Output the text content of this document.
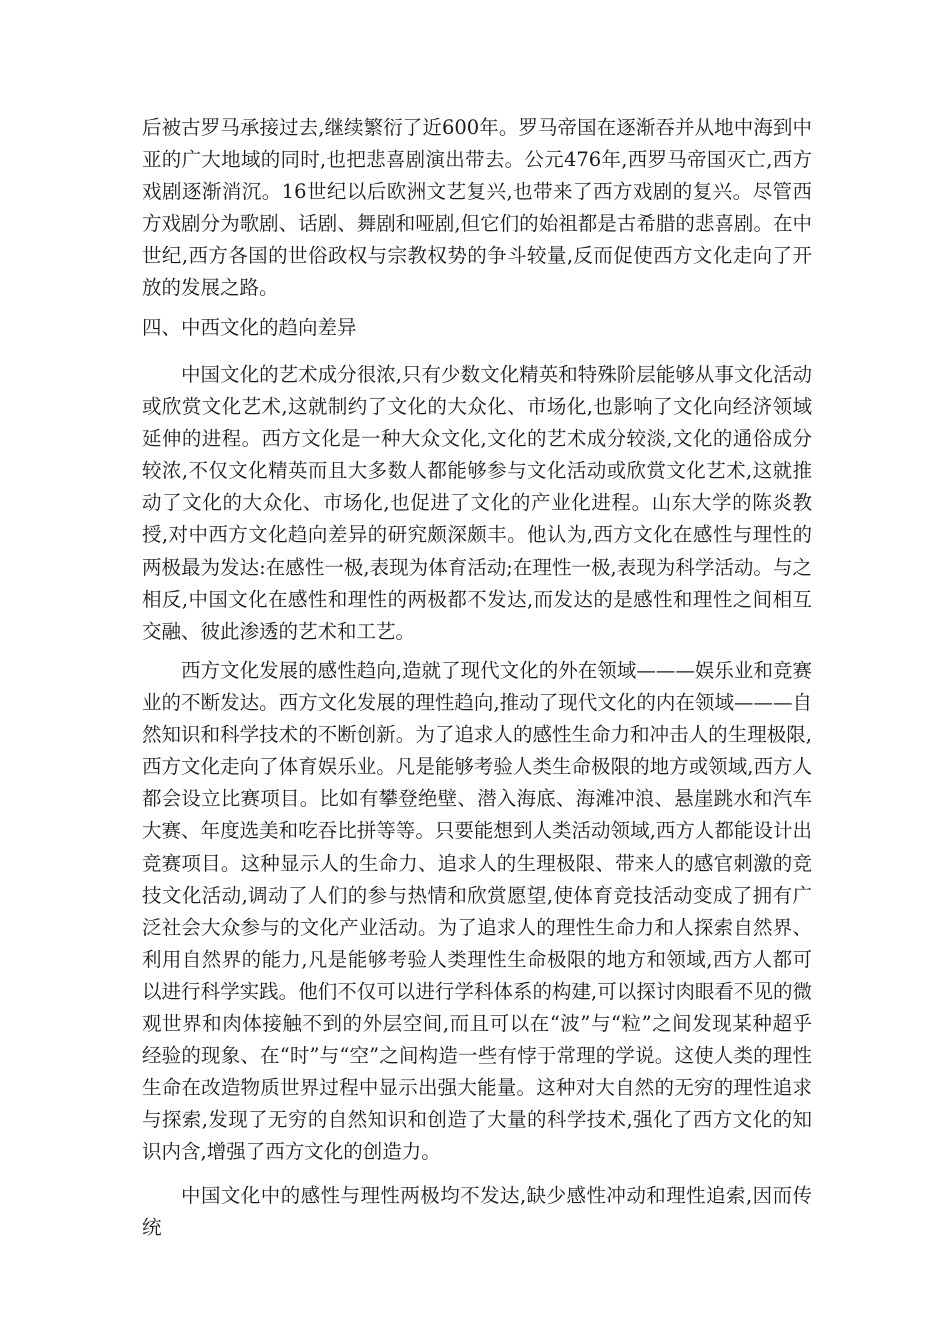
后被古罗马承接过去,继续繁衍了近600年。罗马帝国在逐渐吞并从地中海到中亚的广大地域的同时,也把悲喜剧演出带去。公元476年,西罗马帝国灭亡,西方戏剧逐渐消沉。16世纪以后欧洲文艺复兴,也带来了西方戏剧的复兴。尽管西方戏剧分为歌剧、话剧、舞剧和哑剧,但它们的始祖都是古希腊的悲喜剧。在中世纪,西方各国的世俗政权与宗教权势的争斗较量,反而促使西方文化走向了开放的发展之路。

四、中西文化的趋向差异

中国文化的艺术成分很浓,只有少数文化精英和特殊阶层能够从事文化活动或欣赏文化艺术,这就制约了文化的大众化、市场化,也影响了文化向经济领域延伸的进程。西方文化是一种大众文化,文化的艺术成分较淡,文化的通俗成分较浓,不仅文化精英而且大多数人都能够参与文化活动或欣赏文化艺术,这就推动了文化的大众化、市场化,也促进了文化的产业化进程。山东大学的陈炎教授,对中西方文化趋向差异的研究颇深颇丰。他认为,西方文化在感性与理性的两极最为发达:在感性一极,表现为体育活动;在理性一极,表现为科学活动。与之相反,中国文化在感性和理性的两极都不发达,而发达的是感性和理性之间相互交融、彼此渗透的艺术和工艺。

西方文化发展的感性趋向,造就了现代文化的外在领域———娱乐业和竞赛业的不断发达。西方文化发展的理性趋向,推动了现代文化的内在领域———自然知识和科学技术的不断创新。为了追求人的感性生命力和冲击人的生理极限,西方文化走向了体育娱乐业。凡是能够考验人类生命极限的地方或领域,西方人都会设立比赛项目。比如有攀登绝壁、潜入海底、海滩冲浪、悬崖跳水和汽车大赛、年度选美和吃吞比拼等等。只要能想到人类活动领域,西方人都能设计出竞赛项目。这种显示人的生命力、追求人的生理极限、带来人的感官刺激的竞技文化活动,调动了人们的参与热情和欣赏愿望,使体育竞技活动变成了拥有广泛社会大众参与的文化产业活动。为了追求人的理性生命力和人探索自然界、利用自然界的能力,凡是能够考验人类理性生命极限的地方和领域,西方人都可以进行科学实践。他们不仅可以进行学科体系的构建,可以探讨肉眼看不见的微观世界和肉体接触不到的外层空间,而且可以在“波”与“粒”之间发现某种超乎经验的现象、在“时”与“空”之间构造一些有悖于常理的学说。这使人类的理性生命在改造物质世界过程中显示出强大能量。这种对大自然的无穷的理性追求与探索,发现了无穷的自然知识和创造了大量的科学技术,强化了西方文化的知识内含,增强了西方文化的创造力。

中国文化中的感性与理性两极均不发达,缺少感性冲动和理性追索,因而传统
